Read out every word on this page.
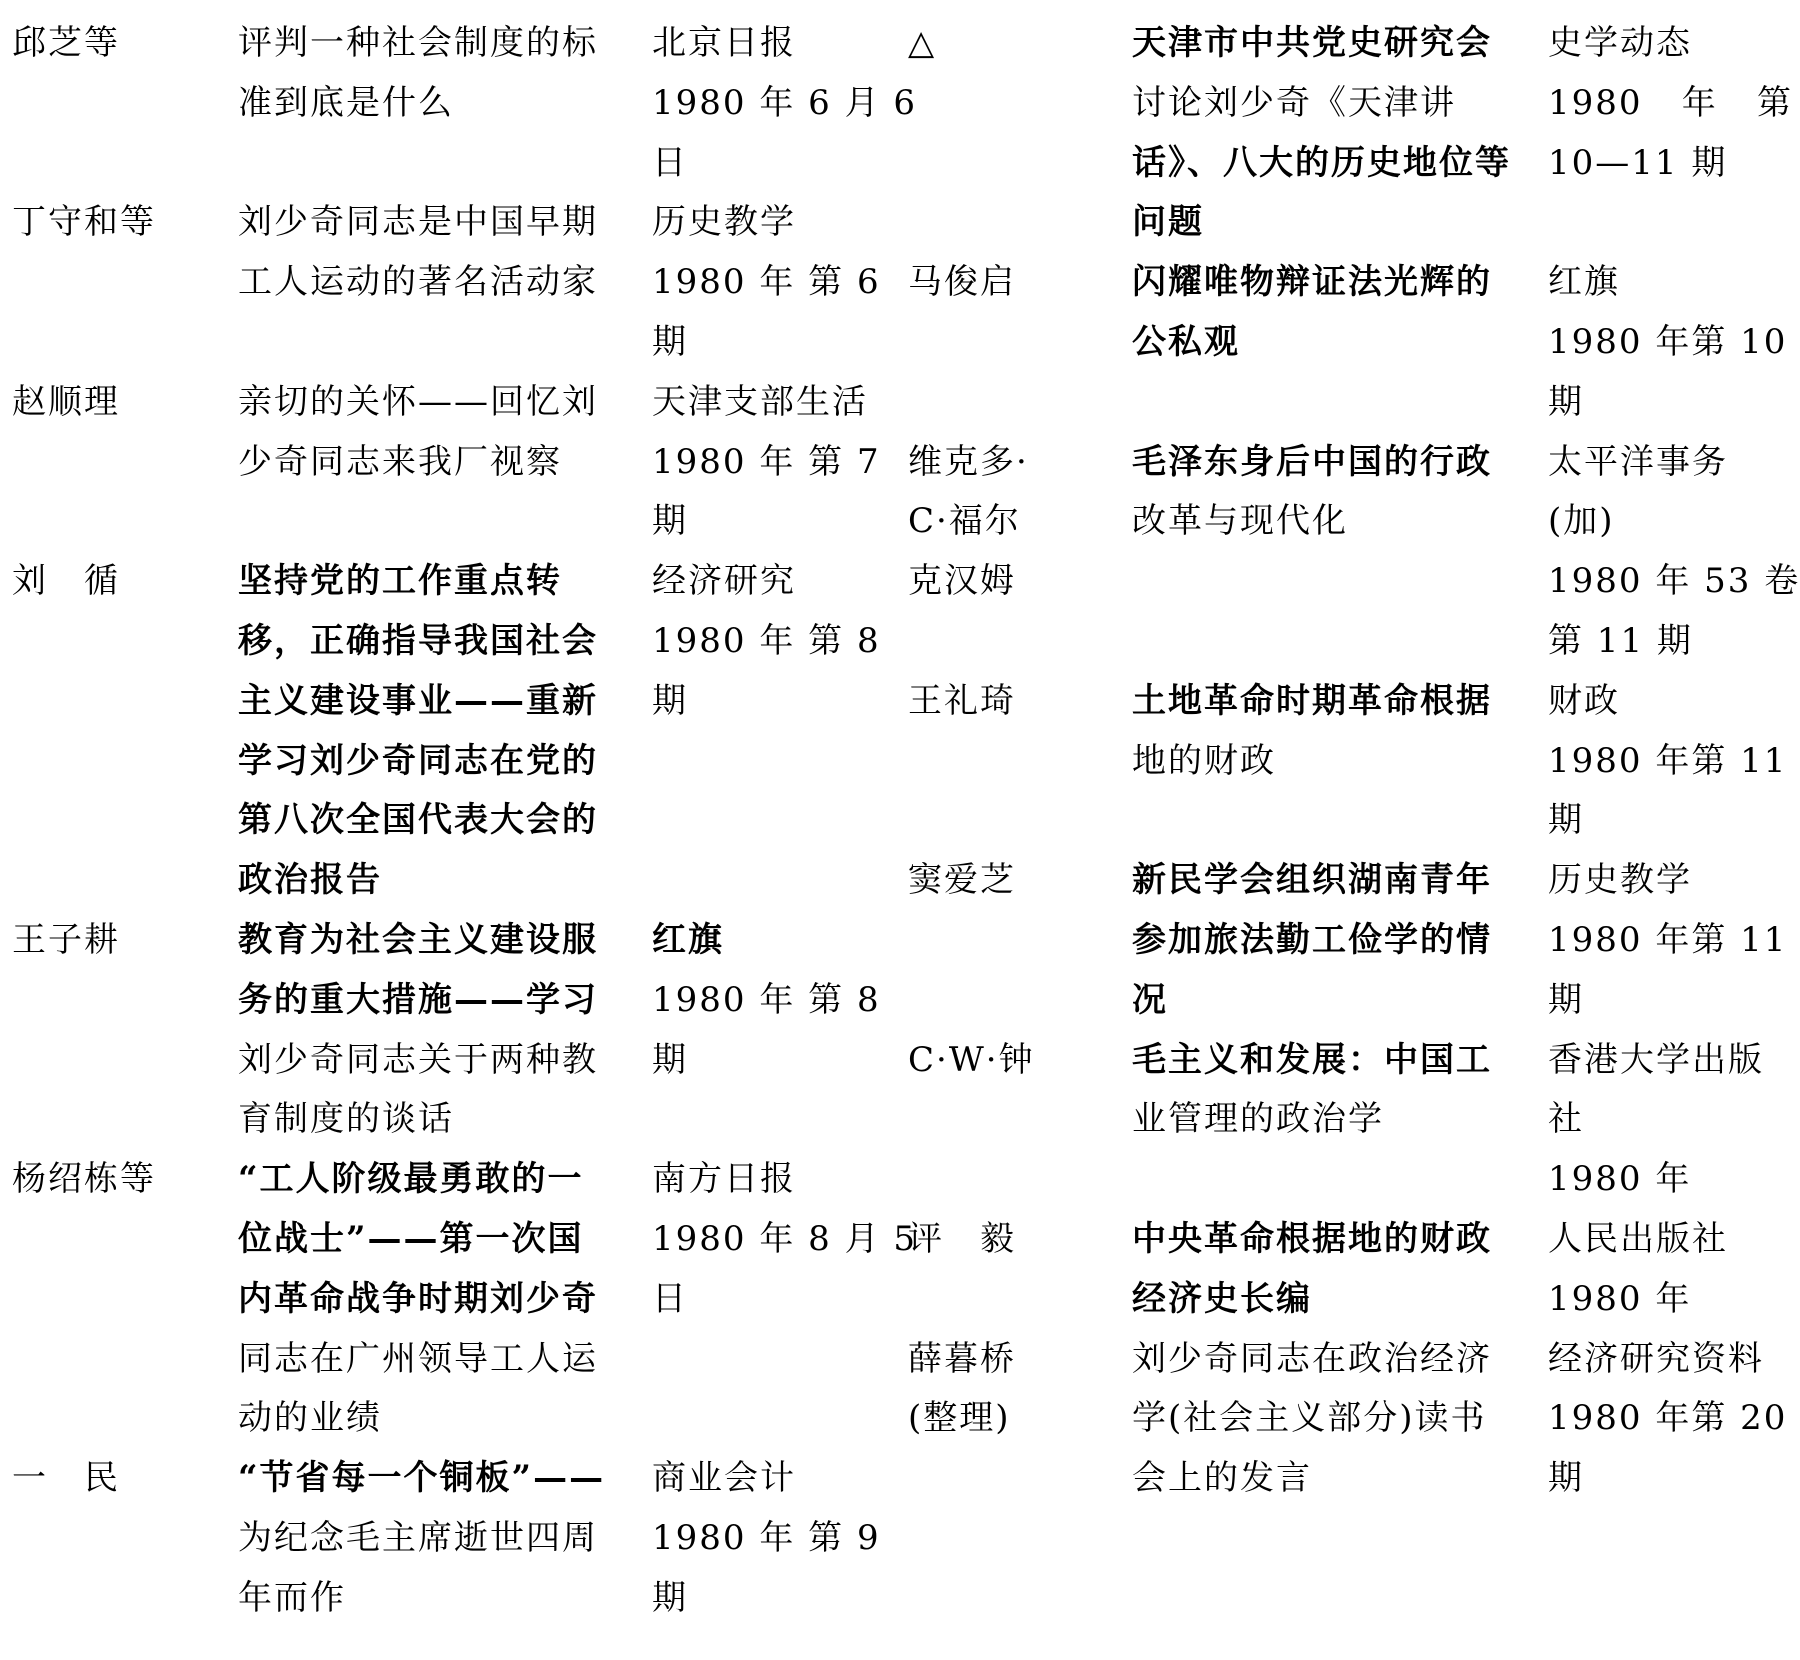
邱芝等
丁守和等
赵顺理
刘　循
王子耕
杨绍栋等
一　民
评判一种社会制度的标
准到底是什么
刘少奇同志是中国早期
工人运动的著名活动家
亲切的关怀——回忆刘
少奇同志来我厂视察
坚持党的工作重点转
移，正确指导我国社会
主义建设事业——重新
学习刘少奇同志在党的
第八次全国代表大会的
政治报告
教育为社会主义建设服
务的重大措施——学习
刘少奇同志关于两种教
育制度的谈话
“工人阶级最勇敢的一
位战士”——第一次国
内革命战争时期刘少奇
同志在广州领导工人运
动的业绩
“节省每一个铜板”——
为纪念毛主席逝世四周
年而作
北京日报
1980 年 6 月 6
日
历史教学
1980 年 第 6
期
天津支部生活
1980 年 第 7
期
经济研究
1980 年 第 8
期
红旗
1980 年 第 8
期
南方日报
1980 年 8 月 5
日
商业会计
1980 年 第 9
期
△
马俊启
维克多·
C·福尔
克汉姆
王礼琦
窦爱芝
C·W·钟
评　毅
薛暮桥
(整理)
天津市中共党史研究会
讨论刘少奇《天津讲
话》、八大的历史地位等
问题
闪耀唯物辩证法光辉的
公私观
毛泽东身后中国的行政
改革与现代化
土地革命时期革命根据
地的财政
新民学会组织湖南青年
参加旅法勤工俭学的情
况
毛主义和发展：中国工
业管理的政治学
中央革命根据地的财政
经济史长编
刘少奇同志在政治经济
学(社会主义部分)读书
会上的发言
史学动态
1980 年 第
10—11 期
红旗
1980 年第 10
期
太平洋事务
(加)
1980 年 53 卷
第 11 期
财政
1980 年第 11
期
历史教学
1980 年第 11
期
香港大学出版
社
1980 年
人民出版社
1980 年
经济研究资料
1980 年第 20
期
